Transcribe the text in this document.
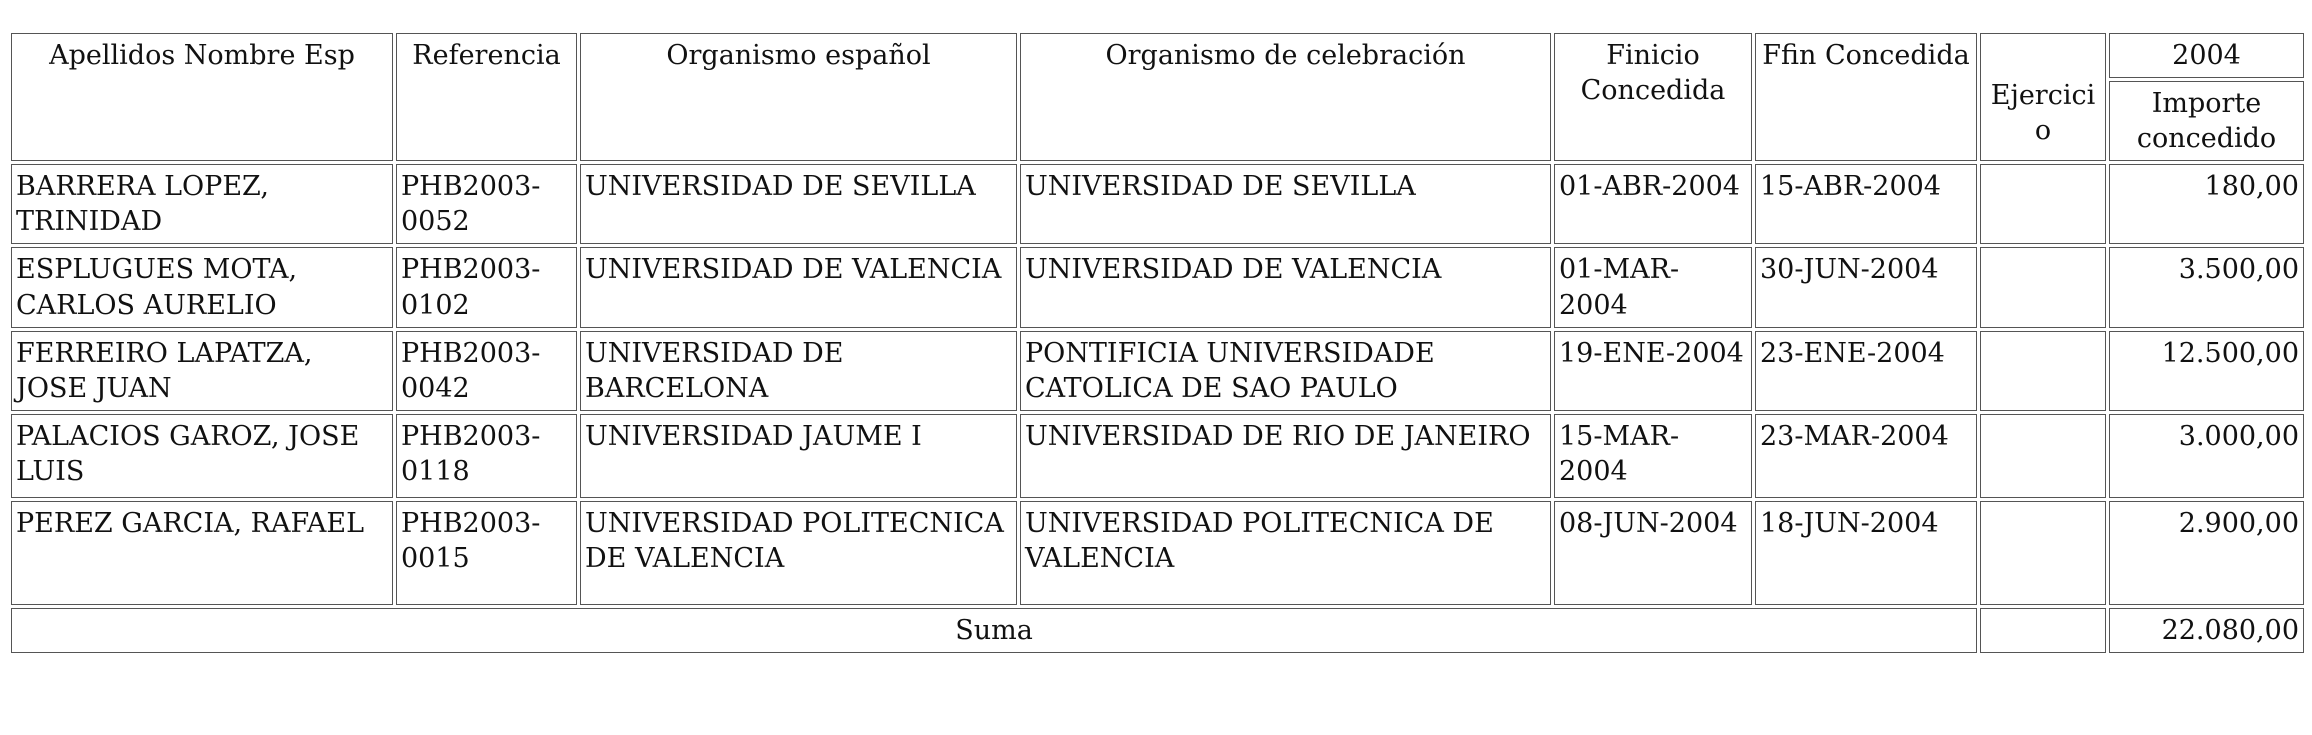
Apellidos Nombre Esp	Referencia	Organismo español	Organismo de celebración	Finicio Concedida	Ffin Concedida	Ejercicio	2004
							Importe concedido
BARRERA LOPEZ, TRINIDAD	PHB2003-0052	UNIVERSIDAD DE SEVILLA	UNIVERSIDAD DE SEVILLA	01-ABR-2004	15-ABR-2004		180,00
ESPLUGUES MOTA, CARLOS AURELIO	PHB2003-0102	UNIVERSIDAD DE VALENCIA	UNIVERSIDAD DE VALENCIA	01-MAR-2004	30-JUN-2004		3.500,00
FERREIRO LAPATZA, JOSE JUAN	PHB2003-0042	UNIVERSIDAD DE BARCELONA	PONTIFICIA UNIVERSIDADE CATOLICA DE SAO PAULO	19-ENE-2004	23-ENE-2004		12.500,00
PALACIOS GAROZ, JOSE LUIS	PHB2003-0118	UNIVERSIDAD JAUME I	UNIVERSIDAD DE RIO DE JANEIRO	15-MAR-2004	23-MAR-2004		3.000,00
PEREZ GARCIA, RAFAEL	PHB2003-0015	UNIVERSIDAD POLITECNICA DE VALENCIA	UNIVERSIDAD POLITECNICA DE VALENCIA	08-JUN-2004	18-JUN-2004		2.900,00
Suma							22.080,00
